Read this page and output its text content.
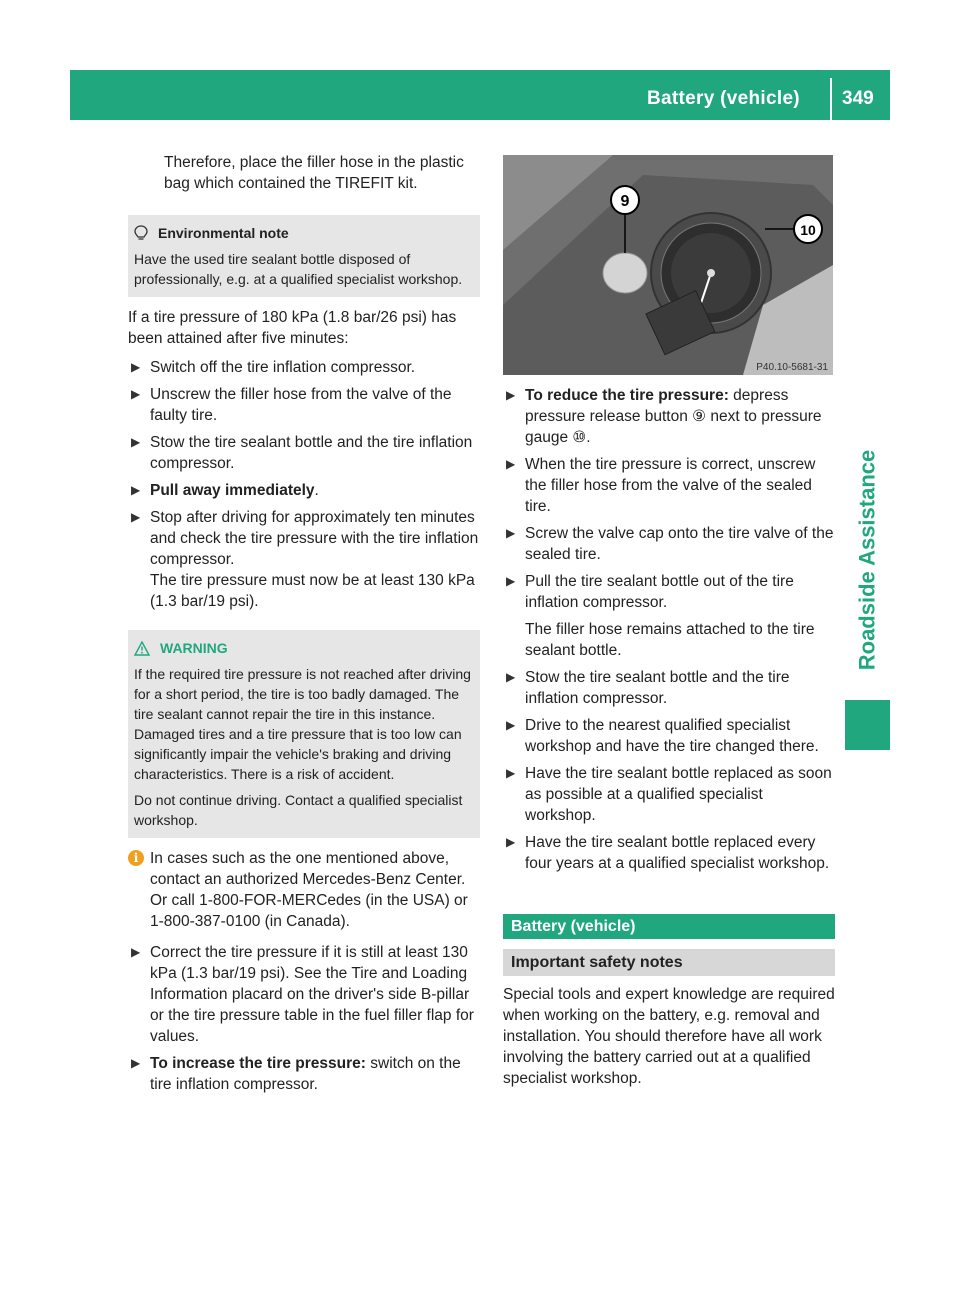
Battery (vehicle) 349
Roadside Assistance

Therefore, place the filler hose in the plastic bag which contained the TIREFIT kit.

Environmental note

Have the used tire sealant bottle disposed of professionally, e.g. at a qualified specialist workshop.

If a tire pressure of 180 kPa (1.8 bar/26 psi) has been attained after five minutes:

▶ Switch off the tire inflation compressor.
▶ Unscrew the filler hose from the valve of the faulty tire.
▶ Stow the tire sealant bottle and the tire inflation compressor.
▶ Pull away immediately.
▶ Stop after driving for approximately ten minutes and check the tire pressure with the tire inflation compressor.
The tire pressure must now be at least 130 kPa (1.3 bar/19 psi).
WARNING

If the required tire pressure is not reached after driving for a short period, the tire is too badly damaged. The tire sealant cannot repair the tire in this instance. Damaged tires and a tire pressure that is too low can significantly impair the vehicle's braking and driving characteristics. There is a risk of accident.

Do not continue driving. Contact a qualified specialist workshop.

i In cases such as the one mentioned above, contact an authorized Mercedes-Benz Center. Or call 1-800-FOR-MERCedes (in the USA) or 1-800-387-0100 (in Canada).
▶ Correct the tire pressure if it is still at least 130 kPa (1.3 bar/19 psi). See the Tire and Loading Information placard on the driver's side B-pillar or the tire pressure table in the fuel filler flap for values.
▶ To increase the tire pressure: switch on the tire inflation compressor.
9
10
P40.10-5681-31
▶ To reduce the tire pressure: depress pressure release button ⑨ next to pressure gauge ⑩.
▶ When the tire pressure is correct, unscrew the filler hose from the valve of the sealed tire.
▶ Screw the valve cap onto the tire valve of the sealed tire.
▶ Pull the tire sealant bottle out of the tire inflation compressor.
The filler hose remains attached to the tire sealant bottle.
▶ Stow the tire sealant bottle and the tire inflation compressor.
▶ Drive to the nearest qualified specialist workshop and have the tire changed there.
▶ Have the tire sealant bottle replaced as soon as possible at a qualified specialist workshop.
▶ Have the tire sealant bottle replaced every four years at a qualified specialist workshop.
Battery (vehicle)
Important safety notes

Special tools and expert knowledge are required when working on the battery, e.g. removal and installation. You should therefore have all work involving the battery carried out at a qualified specialist workshop.
